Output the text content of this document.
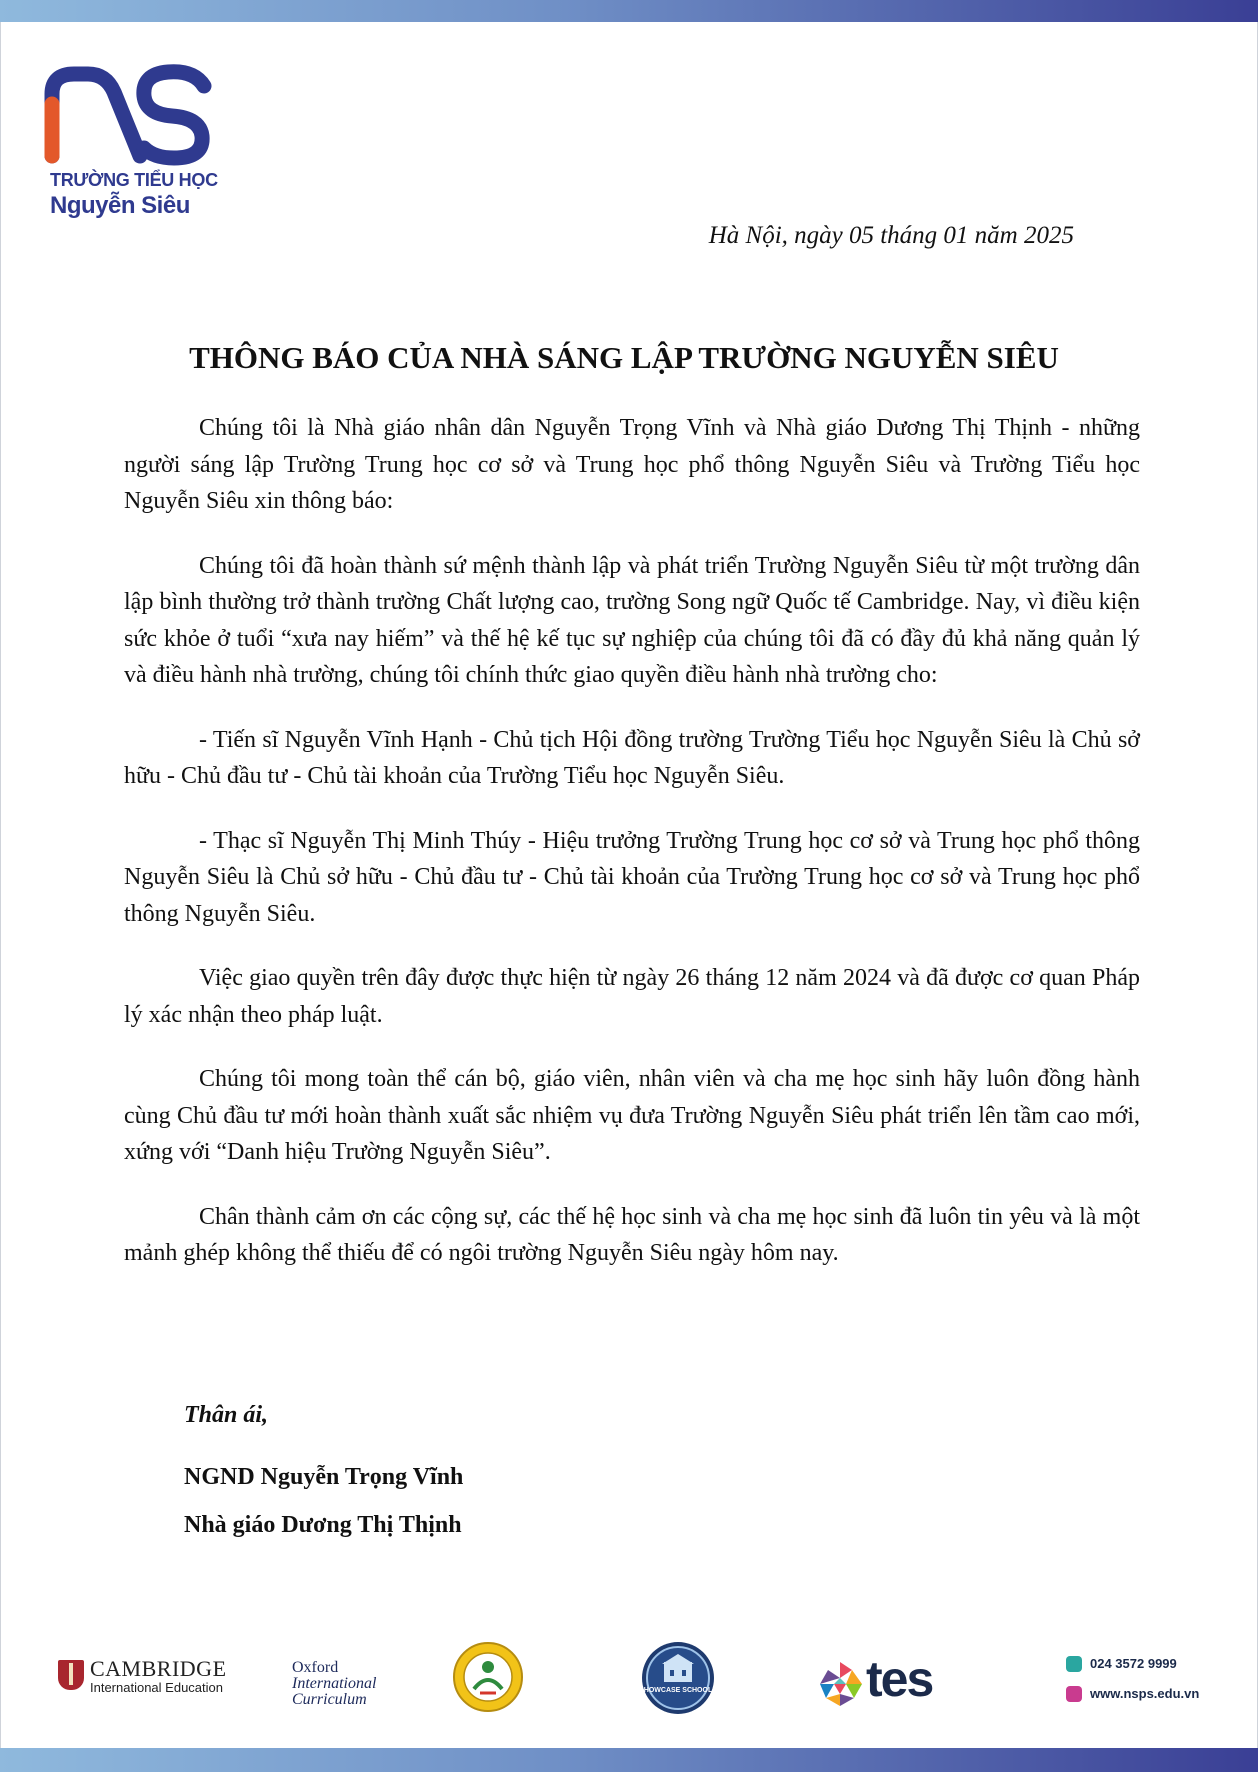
TRƯỜNG TIỂU HỌC
Nguyễn Siêu
Hà Nội, ngày 05 tháng 01 năm 2025
THÔNG BÁO CỦA NHÀ SÁNG LẬP TRƯỜNG NGUYỄN SIÊU

Chúng tôi là Nhà giáo nhân dân Nguyễn Trọng Vĩnh và Nhà giáo Dương Thị Thịnh - những người sáng lập Trường Trung học cơ sở và Trung học phổ thông Nguyễn Siêu và Trường Tiểu học Nguyễn Siêu xin thông báo:

Chúng tôi đã hoàn thành sứ mệnh thành lập và phát triển Trường Nguyễn Siêu từ một trường dân lập bình thường trở thành trường Chất lượng cao, trường Song ngữ Quốc tế Cambridge. Nay, vì điều kiện sức khỏe ở tuổi “xưa nay hiếm” và thế hệ kế tục sự nghiệp của chúng tôi đã có đầy đủ khả năng quản lý và điều hành nhà trường, chúng tôi chính thức giao quyền điều hành nhà trường cho:

- Tiến sĩ Nguyễn Vĩnh Hạnh - Chủ tịch Hội đồng trường Trường Tiểu học Nguyễn Siêu là Chủ sở hữu - Chủ đầu tư - Chủ tài khoản của Trường Tiểu học Nguyễn Siêu.

- Thạc sĩ Nguyễn Thị Minh Thúy - Hiệu trưởng Trường Trung học cơ sở và Trung học phổ thông Nguyễn Siêu là Chủ sở hữu - Chủ đầu tư - Chủ tài khoản của Trường Trung học cơ sở và Trung học phổ thông Nguyễn Siêu.

Việc giao quyền trên đây được thực hiện từ ngày 26 tháng 12 năm 2024 và đã được cơ quan Pháp lý xác nhận theo pháp luật.

Chúng tôi mong toàn thể cán bộ, giáo viên, nhân viên và cha mẹ học sinh hãy luôn đồng hành cùng Chủ đầu tư mới hoàn thành xuất sắc nhiệm vụ đưa Trường Nguyễn Siêu phát triển lên tầm cao mới, xứng với “Danh hiệu Trường Nguyễn Siêu”.

Chân thành cảm ơn các cộng sự, các thế hệ học sinh và cha mẹ học sinh đã luôn tin yêu và là một mảnh ghép không thể thiếu để có ngôi trường Nguyễn Siêu ngày hôm nay.

Thân ái,
NGND Nguyễn Trọng Vĩnh
Nhà giáo Dương Thị Thịnh
CAMBRIDGE
International Education
Oxford
International
Curriculum
SHOWCASE SCHOOLS	tes	024 3572 9999
www.nsps.edu.vn
